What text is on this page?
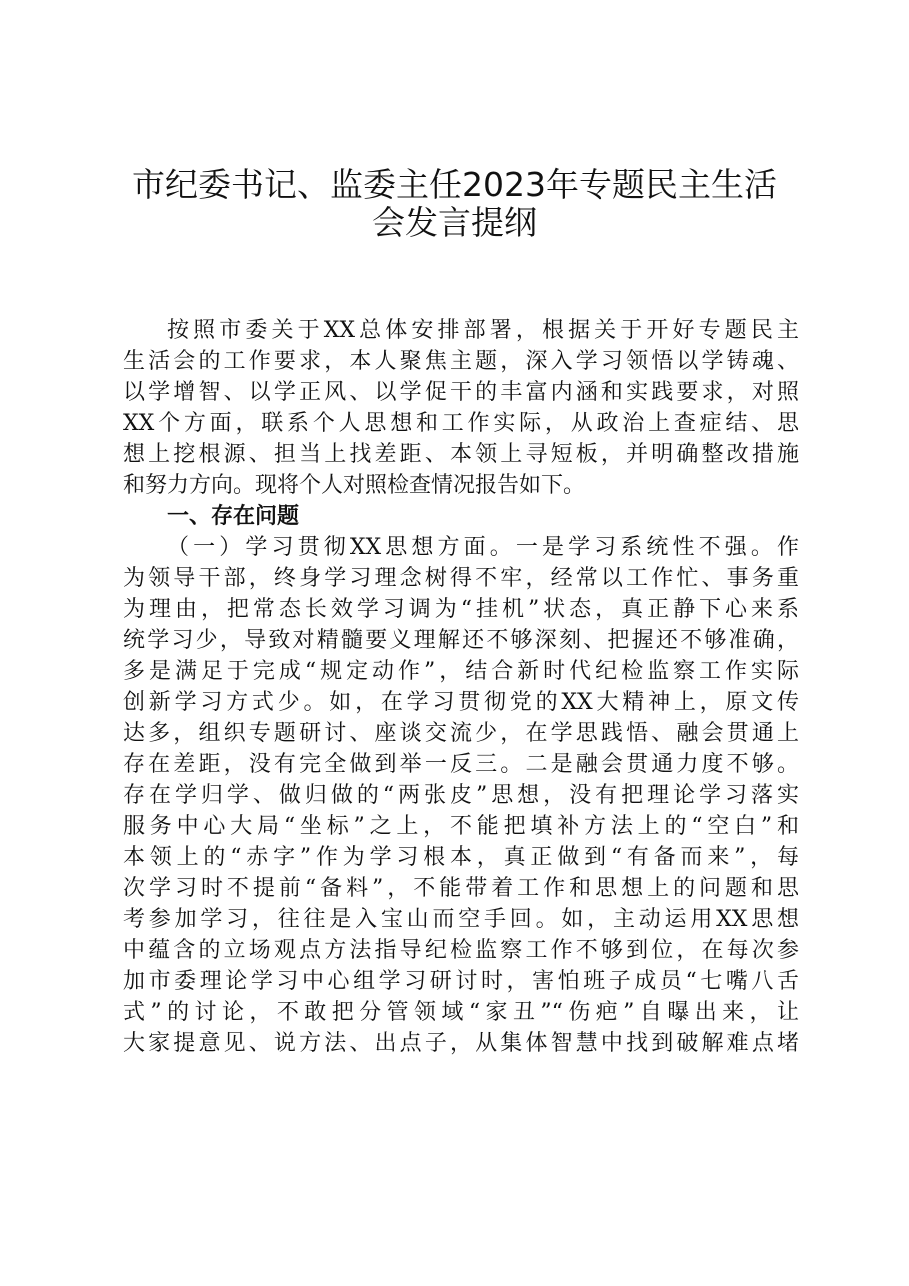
市纪委书记、监委主任2023年专题民主生活
会发言提纲
按照市委关于XX总体安排部署，根据关于开好专题民主
生活会的工作要求，本人聚焦主题，深入学习领悟以学铸魂、
以学增智、以学正风、以学促干的丰富内涵和实践要求，对照
XX个方面，联系个人思想和工作实际，从政治上查症结、思
想上挖根源、担当上找差距、本领上寻短板，并明确整改措施
和努力方向。现将个人对照检查情况报告如下。
一、存在问题
（一）学习贯彻XX思想方面。一是学习系统性不强。作
为领导干部，终身学习理念树得不牢，经常以工作忙、事务重
为理由，把常态长效学习调为“挂机”状态，真正静下心来系
统学习少，导致对精髓要义理解还不够深刻、把握还不够准确，
多是满足于完成“规定动作”，结合新时代纪检监察工作实际
创新学习方式少。如，在学习贯彻党的XX大精神上，原文传
达多，组织专题研讨、座谈交流少，在学思践悟、融会贯通上
存在差距，没有完全做到举一反三。二是融会贯通力度不够。
存在学归学、做归做的“两张皮”思想，没有把理论学习落实
服务中心大局“坐标”之上，不能把填补方法上的“空白”和
本领上的“赤字”作为学习根本，真正做到“有备而来”，每
次学习时不提前“备料”，不能带着工作和思想上的问题和思
考参加学习，往往是入宝山而空手回。如，主动运用XX思想
中蕴含的立场观点方法指导纪检监察工作不够到位，在每次参
加市委理论学习中心组学习研讨时，害怕班子成员“七嘴八舌
式”的讨论，不敢把分管领域“家丑”“伤疤”自曝出来，让
大家提意见、说方法、出点子，从集体智慧中找到破解难点堵
